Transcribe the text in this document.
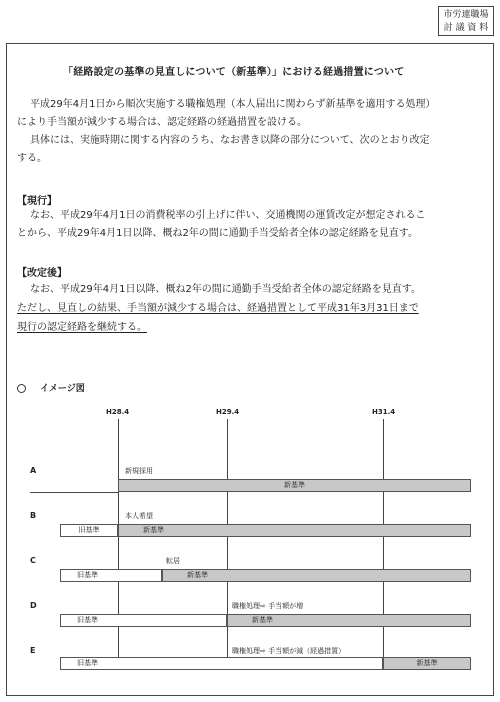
市労連職場
討 議 資 料
「経路設定の基準の見直しについて（新基準）」における経過措置について
平成29年4月1日から順次実施する職権処理（本人届出に関わらず新基準を適用する処理）
により手当額が減少する場合は、認定経路の経過措置を設ける。
具体には、実施時期に関する内容のうち、なお書き以降の部分について、次のとおり改定
する。
【現行】
なお、平成29年4月1日の消費税率の引上げに伴い、交通機関の運賃改定が想定されるこ
とから、平成29年4月1日以降、概ね2年の間に通勤手当受給者全体の認定経路を見直す。
【改定後】
なお、平成29年4月1日以降、概ね2年の間に通勤手当受給者全体の認定経路を見直す。
ただし、見直しの結果、手当額が減少する場合は、経過措置として平成31年3月31日まで
現行の認定経路を継続する。
イメージ図
H28.4	H29.4	H31.4
A	新規採用
新基準
B	本人希望
旧基準	新基準
C	転居
旧基準	新基準
D	職権処理⇨ 手当額が増
旧基準	新基準
E	職権処理⇨ 手当額が減（経過措置）
旧基準	新基準
